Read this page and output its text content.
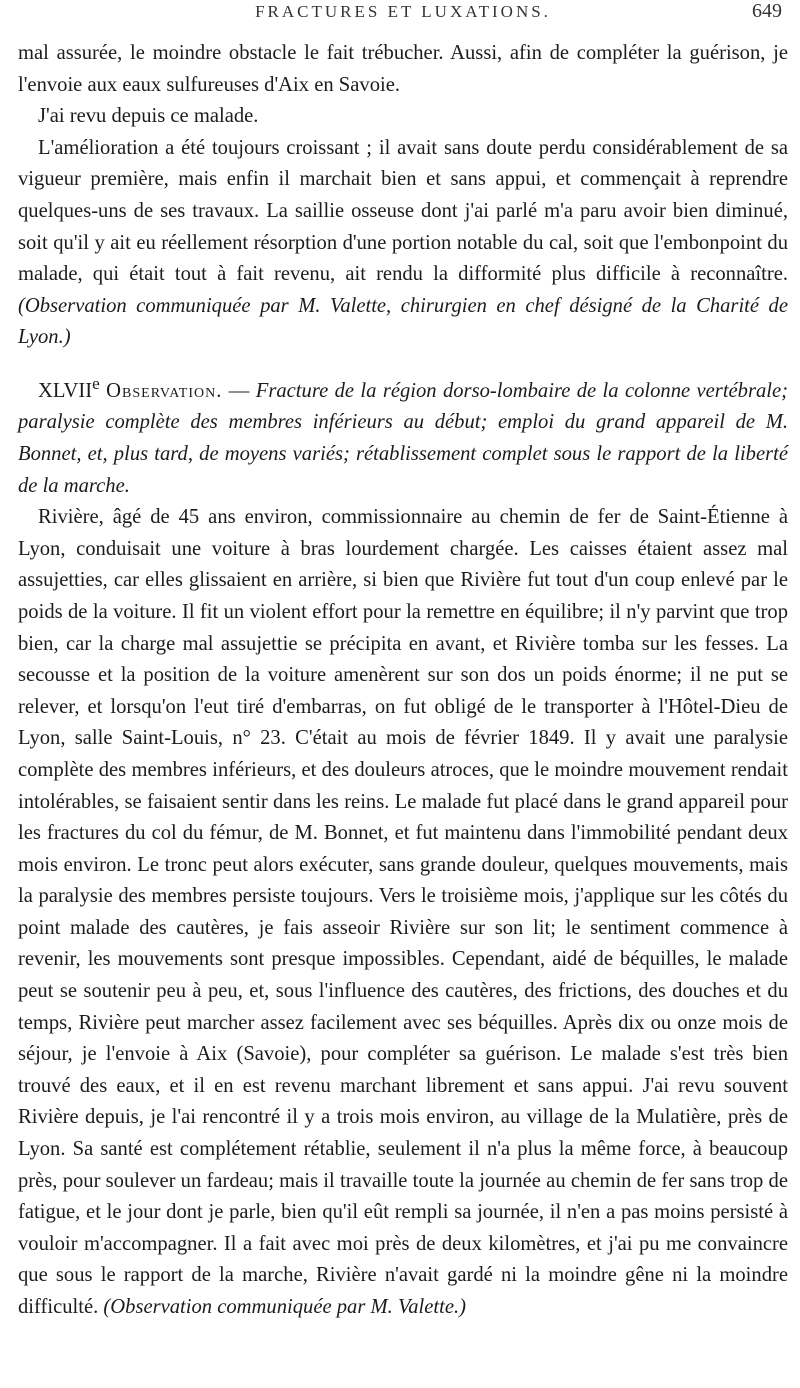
FRACTURES ET LUXATIONS.	649

mal assurée, le moindre obstacle le fait trébucher. Aussi, afin de compléter la guérison, je l'envoie aux eaux sulfureuses d'Aix en Savoie.

J'ai revu depuis ce malade.

L'amélioration a été toujours croissant ; il avait sans doute perdu considérablement de sa vigueur première, mais enfin il marchait bien et sans appui, et commençait à reprendre quelques-uns de ses travaux. La saillie osseuse dont j'ai parlé m'a paru avoir bien diminué, soit qu'il y ait eu réellement résorption d'une portion notable du cal, soit que l'embonpoint du malade, qui était tout à fait revenu, ait rendu la difformité plus difficile à reconnaître. (Observation communiquée par M. Valette, chirurgien en chef désigné de la Charité de Lyon.)

XLVIIe Observation. — Fracture de la région dorso-lombaire de la colonne vertébrale; paralysie complète des membres inférieurs au début; emploi du grand appareil de M. Bonnet, et, plus tard, de moyens variés; rétablissement complet sous le rapport de la liberté de la marche.

Rivière, âgé de 45 ans environ, commissionnaire au chemin de fer de Saint-Étienne à Lyon, conduisait une voiture à bras lourdement chargée. Les caisses étaient assez mal assujetties, car elles glissaient en arrière, si bien que Rivière fut tout d'un coup enlevé par le poids de la voiture. Il fit un violent effort pour la remettre en équilibre; il n'y parvint que trop bien, car la charge mal assujettie se précipita en avant, et Rivière tomba sur les fesses. La secousse et la position de la voiture amenèrent sur son dos un poids énorme; il ne put se relever, et lorsqu'on l'eut tiré d'embarras, on fut obligé de le transporter à l'Hôtel-Dieu de Lyon, salle Saint-Louis, n° 23. C'était au mois de février 1849. Il y avait une paralysie complète des membres inférieurs, et des douleurs atroces, que le moindre mouvement rendait intolérables, se faisaient sentir dans les reins. Le malade fut placé dans le grand appareil pour les fractures du col du fémur, de M. Bonnet, et fut maintenu dans l'immobilité pendant deux mois environ. Le tronc peut alors exécuter, sans grande douleur, quelques mouvements, mais la paralysie des membres persiste toujours. Vers le troisième mois, j'applique sur les côtés du point malade des cautères, je fais asseoir Rivière sur son lit; le sentiment commence à revenir, les mouvements sont presque impossibles. Cependant, aidé de béquilles, le malade peut se soutenir peu à peu, et, sous l'influence des cautères, des frictions, des douches et du temps, Rivière peut marcher assez facilement avec ses béquilles. Après dix ou onze mois de séjour, je l'envoie à Aix (Savoie), pour compléter sa guérison. Le malade s'est très bien trouvé des eaux, et il en est revenu marchant librement et sans appui. J'ai revu souvent Rivière depuis, je l'ai rencontré il y a trois mois environ, au village de la Mulatière, près de Lyon. Sa santé est complétement rétablie, seulement il n'a plus la même force, à beaucoup près, pour soulever un fardeau; mais il travaille toute la journée au chemin de fer sans trop de fatigue, et le jour dont je parle, bien qu'il eût rempli sa journée, il n'en a pas moins persisté à vouloir m'accompagner. Il a fait avec moi près de deux kilomètres, et j'ai pu me convaincre que sous le rapport de la marche, Rivière n'avait gardé ni la moindre gêne ni la moindre difficulté. (Observation communiquée par M. Valette.)
